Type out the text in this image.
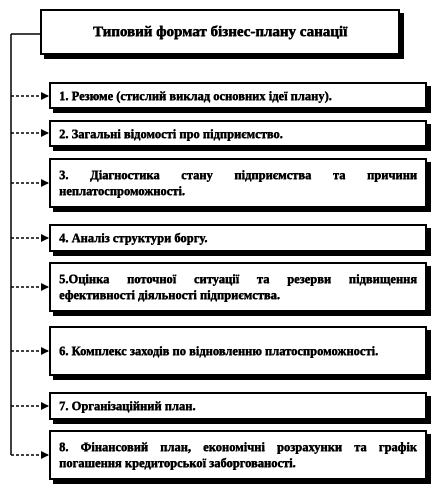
Типовий формат бізнес-плану санації
1. Резюме (стислий виклад основних ідеї плану).
2. Загальні відомості про підприємство.
3. Діагностика стану підприємства та причини неплатоспроможності.
4. Аналіз структури боргу.
5.Оцінка поточної ситуації та резерви підвищення ефективності діяльності підприємства.
6. Комплекс заходів по відновленню платоспроможності.
7. Організаційний план.
8. Фінансовий план, економічні розрахунки та графік погашення кредиторської заборгованості.
